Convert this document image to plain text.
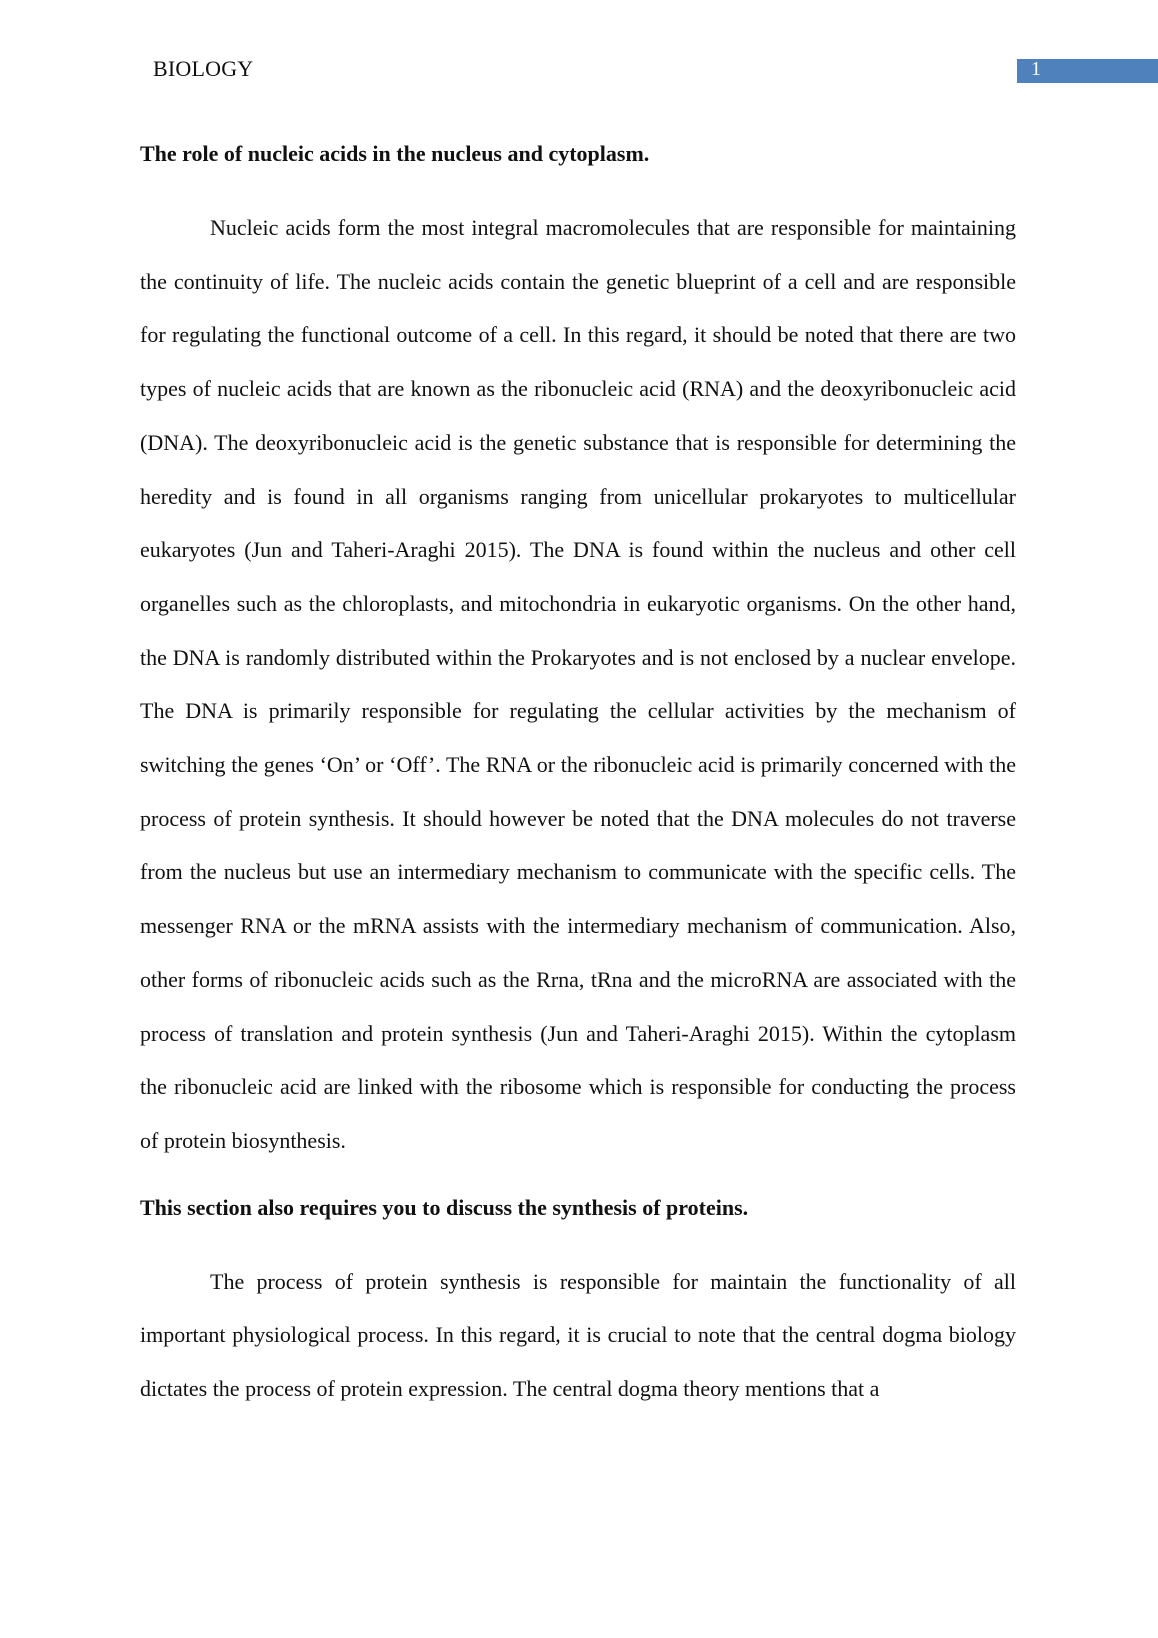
BIOLOGY	1

The role of nucleic acids in the nucleus and cytoplasm.

Nucleic acids form the most integral macromolecules that are responsible for maintaining the continuity of life. The nucleic acids contain the genetic blueprint of a cell and are responsible for regulating the functional outcome of a cell. In this regard, it should be noted that there are two types of nucleic acids that are known as the ribonucleic acid (RNA) and the deoxyribonucleic acid (DNA). The deoxyribonucleic acid is the genetic substance that is responsible for determining the heredity and is found in all organisms ranging from unicellular prokaryotes to multicellular eukaryotes (Jun and Taheri-Araghi 2015). The DNA is found within the nucleus and other cell organelles such as the chloroplasts, and mitochondria in eukaryotic organisms. On the other hand, the DNA is randomly distributed within the Prokaryotes and is not enclosed by a nuclear envelope. The DNA is primarily responsible for regulating the cellular activities by the mechanism of switching the genes ‘On’ or ‘Off’. The RNA or the ribonucleic acid is primarily concerned with the process of protein synthesis. It should however be noted that the DNA molecules do not traverse from the nucleus but use an intermediary mechanism to communicate with the specific cells. The messenger RNA or the mRNA assists with the intermediary mechanism of communication. Also, other forms of ribonucleic acids such as the Rrna, tRna and the microRNA are associated with the process of translation and protein synthesis (Jun and Taheri-Araghi 2015). Within the cytoplasm the ribonucleic acid are linked with the ribosome which is responsible for conducting the process of protein biosynthesis.

This section also requires you to discuss the synthesis of proteins.

The process of protein synthesis is responsible for maintain the functionality of all important physiological process. In this regard, it is crucial to note that the central dogma biology dictates the process of protein expression. The central dogma theory mentions that a
